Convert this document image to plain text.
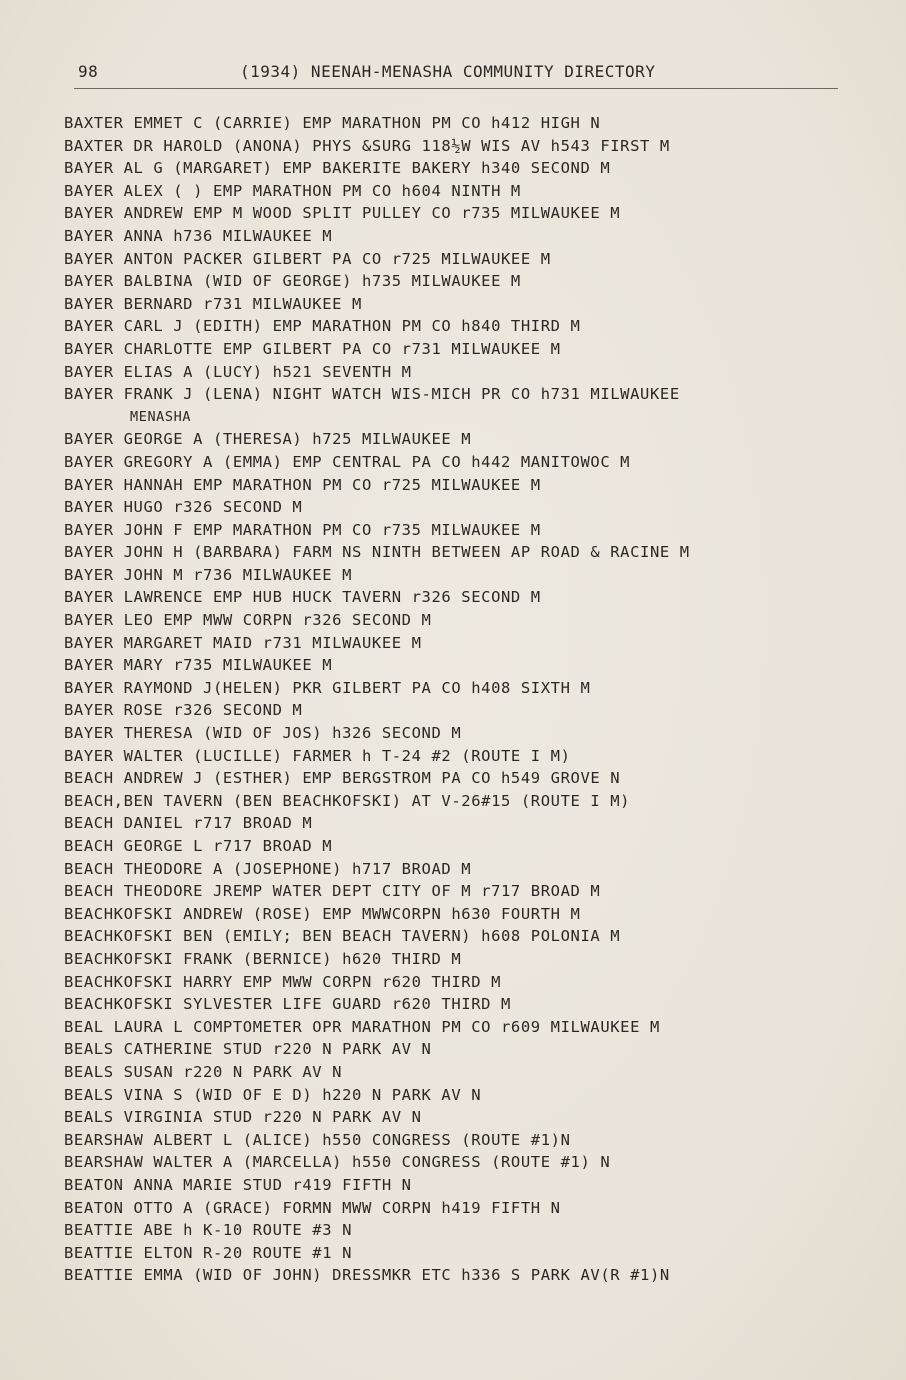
98	(1934) NEENAH-MENASHA COMMUNITY DIRECTORY
BAXTER EMMET C (CARRIE) EMP MARATHON PM CO h412 HIGH N
BAXTER DR HAROLD (ANONA) PHYS &SURG 118½W WIS AV h543 FIRST M
BAYER AL G (MARGARET) EMP BAKERITE BAKERY h340 SECOND M
BAYER ALEX ( ) EMP MARATHON PM CO h604 NINTH M
BAYER ANDREW EMP M WOOD SPLIT PULLEY CO r735 MILWAUKEE M
BAYER ANNA h736 MILWAUKEE M
BAYER ANTON PACKER GILBERT PA CO r725 MILWAUKEE M
BAYER BALBINA (WID OF GEORGE) h735 MILWAUKEE M
BAYER BERNARD r731 MILWAUKEE M
BAYER CARL J (EDITH) EMP MARATHON PM CO h840 THIRD M
BAYER CHARLOTTE EMP GILBERT PA CO r731 MILWAUKEE M
BAYER ELIAS A (LUCY) h521 SEVENTH M
BAYER FRANK J (LENA) NIGHT WATCH WIS-MICH PR CO h731 MILWAUKEE
MENASHA
BAYER GEORGE A (THERESA) h725 MILWAUKEE M
BAYER GREGORY A (EMMA) EMP CENTRAL PA CO h442 MANITOWOC M
BAYER HANNAH EMP MARATHON PM CO r725 MILWAUKEE M
BAYER HUGO r326 SECOND M
BAYER JOHN F EMP MARATHON PM CO r735 MILWAUKEE M
BAYER JOHN H (BARBARA) FARM NS NINTH BETWEEN AP ROAD & RACINE M
BAYER JOHN M r736 MILWAUKEE M
BAYER LAWRENCE EMP HUB HUCK TAVERN r326 SECOND M
BAYER LEO EMP MWW CORPN r326 SECOND M
BAYER MARGARET MAID r731 MILWAUKEE M
BAYER MARY r735 MILWAUKEE M
BAYER RAYMOND J(HELEN) PKR GILBERT PA CO h408 SIXTH M
BAYER ROSE r326 SECOND M
BAYER THERESA (WID OF JOS) h326 SECOND M
BAYER WALTER (LUCILLE) FARMER h T-24 #2 (ROUTE I M)
BEACH ANDREW J (ESTHER) EMP BERGSTROM PA CO h549 GROVE N
BEACH,BEN TAVERN (BEN BEACHKOFSKI) AT V-26#15 (ROUTE I M)
BEACH DANIEL r717 BROAD M
BEACH GEORGE L r717 BROAD M
BEACH THEODORE A (JOSEPHONE) h717 BROAD M
BEACH THEODORE JREMP WATER DEPT CITY OF M r717 BROAD M
BEACHKOFSKI ANDREW (ROSE) EMP MWWCORPN h630 FOURTH M
BEACHKOFSKI BEN (EMILY; BEN BEACH TAVERN) h608 POLONIA M
BEACHKOFSKI FRANK (BERNICE) h620 THIRD M
BEACHKOFSKI HARRY EMP MWW CORPN r620 THIRD M
BEACHKOFSKI SYLVESTER LIFE GUARD r620 THIRD M
BEAL LAURA L COMPTOMETER OPR MARATHON PM CO r609 MILWAUKEE M
BEALS CATHERINE STUD r220 N PARK AV N
BEALS SUSAN r220 N PARK AV N
BEALS VINA S (WID OF E D) h220 N PARK AV N
BEALS VIRGINIA STUD r220 N PARK AV N
BEARSHAW ALBERT L (ALICE) h550 CONGRESS (ROUTE #1)N
BEARSHAW WALTER A (MARCELLA) h550 CONGRESS (ROUTE #1) N
BEATON ANNA MARIE STUD r419 FIFTH N
BEATON OTTO A (GRACE) FORMN MWW CORPN h419 FIFTH N
BEATTIE ABE h K-10 ROUTE #3 N
BEATTIE ELTON R-20 ROUTE #1 N
BEATTIE EMMA (WID OF JOHN) DRESSMKR ETC h336 S PARK AV(R #1)N
